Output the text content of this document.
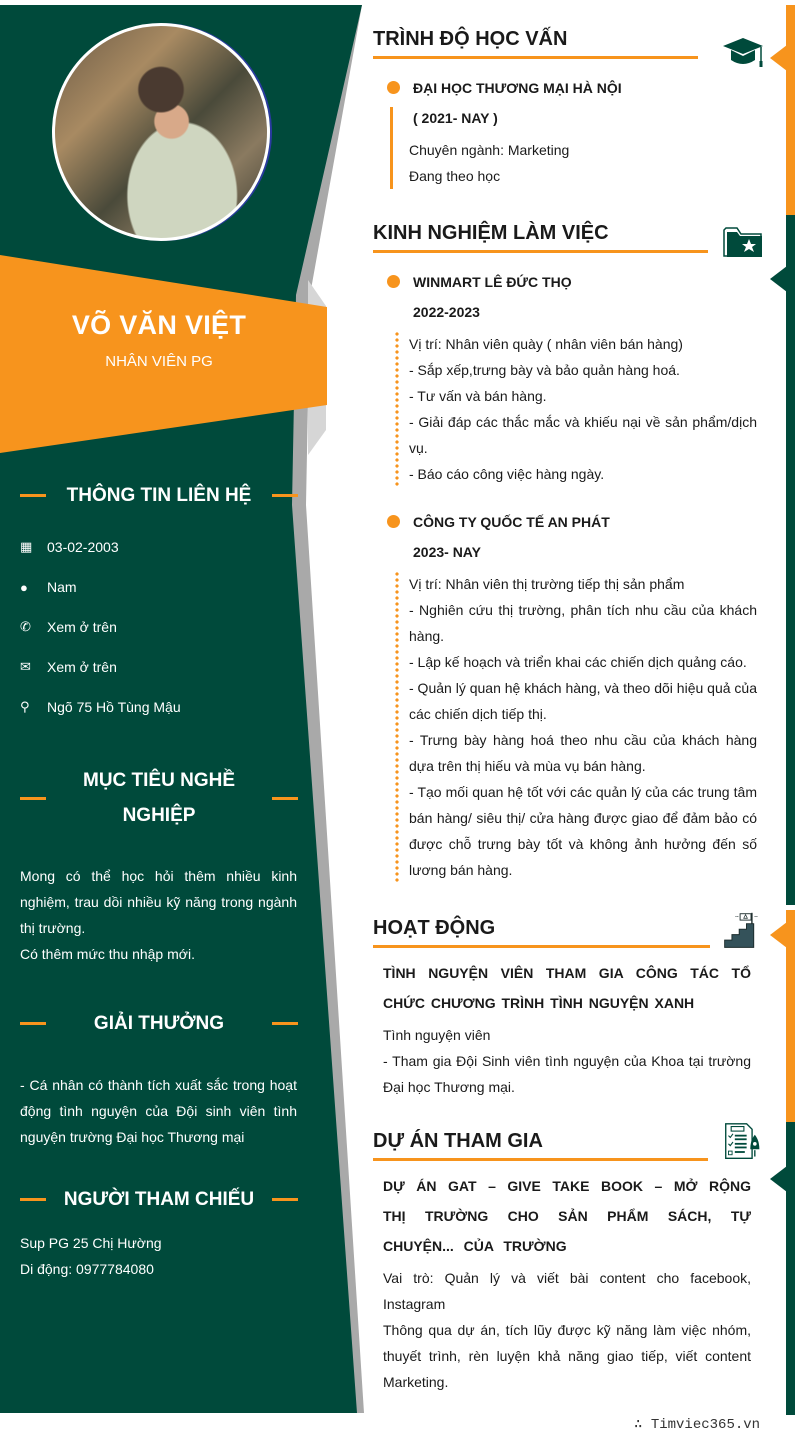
VÕ VĂN VIỆT
NHÂN VIÊN PG
THÔNG TIN LIÊN HỆ
▦	03-02-2003
●	Nam
✆	Xem ở trên
✉	Xem ở trên
⚲	Ngõ 75 Hồ Tùng Mậu
MỤC TIÊU NGHỀ NGHIỆP
Mong có thể học hỏi thêm nhiều kinh nghiệm, trau dồi nhiều kỹ năng trong ngành thị trường.
Có thêm mức thu nhập mới.
GIẢI THƯỞNG
- Cá nhân có thành tích xuất sắc trong hoạt động tình nguyện của Đội sinh viên tình nguyện trường Đại học Thương mại
NGƯỜI THAM CHIẾU
Sup PG 25 Chị Hường
Di động: 0977784080
TRÌNH ĐỘ HỌC VẤN
ĐẠI HỌC THƯƠNG MẠI HÀ NỘI
( 2021- NAY )
Chuyên ngành: Marketing
Đang theo học
KINH NGHIỆM LÀM VIỆC
WINMART LÊ ĐỨC THỌ
2022-2023
Vị trí: Nhân viên quày ( nhân viên bán hàng)
- Sắp xếp,trưng bày và bảo quản hàng hoá.
- Tư vấn và bán hàng.
- Giải đáp các thắc mắc và khiếu nại về sản phẩm/dịch vụ.
- Báo cáo công việc hàng ngày.
CÔNG TY QUỐC TẾ AN PHÁT
2023- NAY
Vị trí: Nhân viên thị trường tiếp thị sản phẩm
- Nghiên cứu thị trường, phân tích nhu cầu của khách hàng.
- Lập kế hoạch và triển khai các chiến dịch quảng cáo.
- Quản lý quan hệ khách hàng, và theo dõi hiệu quả của các chiến dịch tiếp thị.
- Trưng bày hàng hoá theo nhu cầu của khách hàng dựa trên thị hiếu và mùa vụ bán hàng.
- Tạo mối quan hệ tốt với các quản lý của các trung tâm bán hàng/ siêu thị/ cửa hàng được giao để đảm bảo có được chỗ trưng bày tốt và không ảnh hưởng đến số lương bán hàng.
HOẠT ĐỘNG
TÌNH NGUYỆN VIÊN THAM GIA CÔNG TÁC TỔ CHỨC CHƯƠNG TRÌNH TÌNH NGUYỆN XANH
Tình nguyện viên
- Tham gia Đội Sinh viên tình nguyện của Khoa tại trường Đại học Thương mại.
DỰ ÁN THAM GIA
DỰ ÁN GAT – GIVE TAKE BOOK – MỞ RỘNG THỊ TRƯỜNG CHO SẢN PHẨM SÁCH, TỰ CHUYỆN... CỦA TRƯỜNG
Vai trò: Quản lý và viết bài content cho facebook, Instagram
Thông qua dự án, tích lũy được kỹ năng làm việc nhóm, thuyết trình, rèn luyện khả năng giao tiếp, viết content Marketing.
∴ Timviec365.vn
